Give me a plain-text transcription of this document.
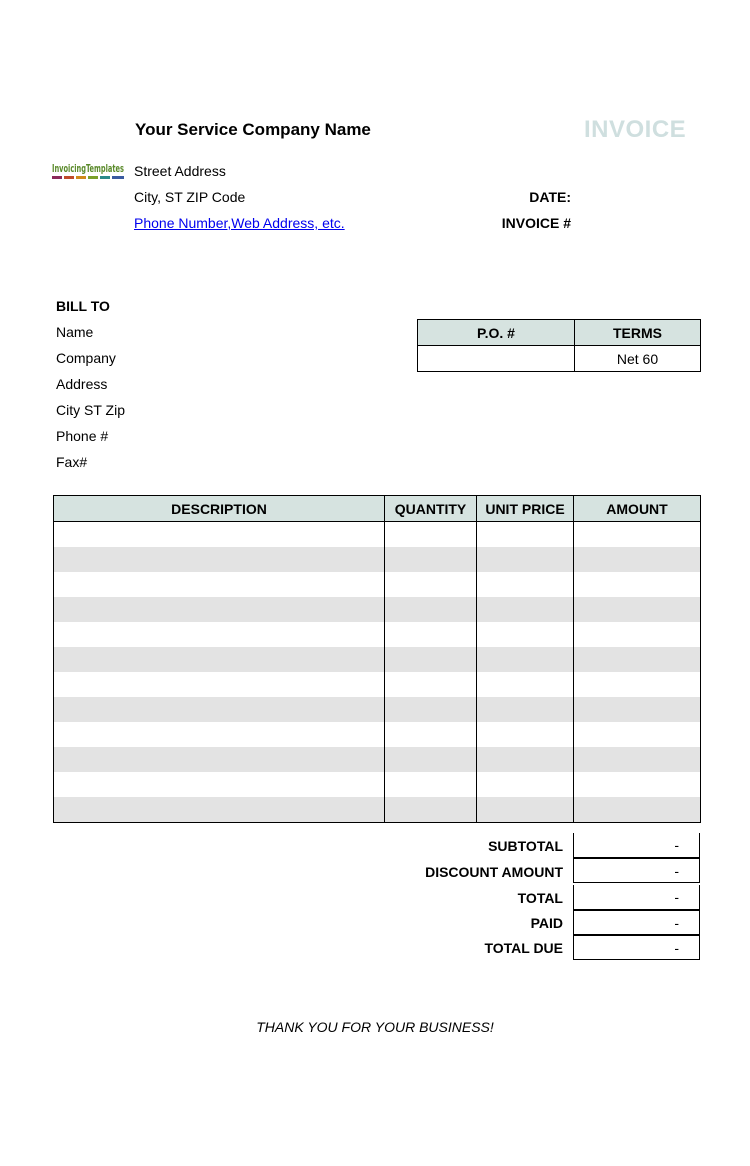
Your Service Company Name	INVOICE
InvoicingTemplates Street Address
City, ST ZIP Code
Phone Number,Web Address, etc.
DATE:
INVOICE #
BILL TO
Name
Company
Address
City ST Zip
Phone #
Fax#
P.O. #	TERMS
	Net 60
DESCRIPTION	QUANTITY	UNIT PRICE	AMOUNT

SUBTOTAL	-
DISCOUNT AMOUNT	-
TOTAL	-
PAID	-
TOTAL DUE	-
THANK YOU FOR YOUR BUSINESS!
